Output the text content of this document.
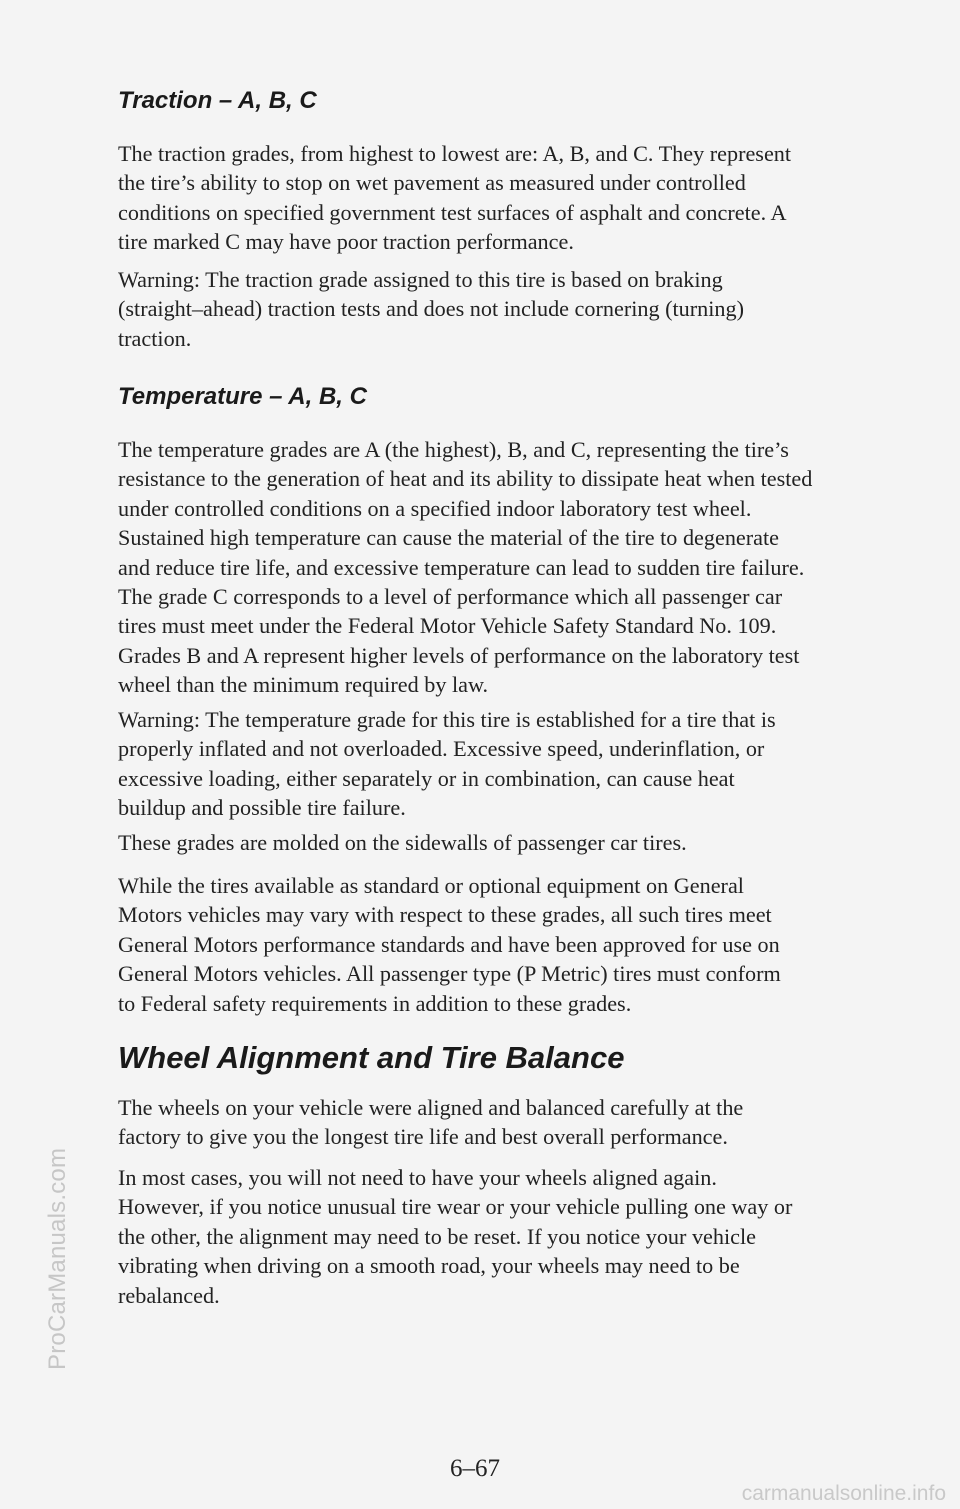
ProCarManuals.com
Traction – A, B, C

The traction grades, from highest to lowest are: A, B, and C. They represent
the tire’s ability to stop on wet pavement as measured under controlled
conditions on specified government test surfaces of asphalt and concrete. A
tire marked C may have poor traction performance.

Warning: The traction grade assigned to this tire is based on braking
(straight–ahead) traction tests and does not include cornering (turning)
traction.

Temperature – A, B, C

The temperature grades are A (the highest), B, and C, representing the tire’s
resistance to the generation of heat and its ability to dissipate heat when tested
under controlled conditions on a specified indoor laboratory test wheel.
Sustained high temperature can cause the material of the tire to degenerate
and reduce tire life, and excessive temperature can lead to sudden tire failure.
The grade C corresponds to a level of performance which all passenger car
tires must meet under the Federal Motor Vehicle Safety Standard No. 109.
Grades B and A represent higher levels of performance on the laboratory test
wheel than the minimum required by law.

Warning: The temperature grade for this tire is established for a tire that is
properly inflated and not overloaded. Excessive speed, underinflation, or
excessive loading, either separately or in combination, can cause heat
buildup and possible tire failure.

These grades are molded on the sidewalls of passenger car tires.

While the tires available as standard or optional equipment on General
Motors vehicles may vary with respect to these grades, all such tires meet
General Motors performance standards and have been approved for use on
General Motors vehicles. All passenger type (P Metric) tires must conform
to Federal safety requirements in addition to these grades.

Wheel Alignment and Tire Balance

The wheels on your vehicle were aligned and balanced carefully at the
factory to give you the longest tire life and best overall performance.

In most cases, you will not need to have your wheels aligned again.
However, if you notice unusual tire wear or your vehicle pulling one way or
the other, the alignment may need to be reset. If you notice your vehicle
vibrating when driving on a smooth road, your wheels may need to be
rebalanced.

6–67
carmanualsonline.info
